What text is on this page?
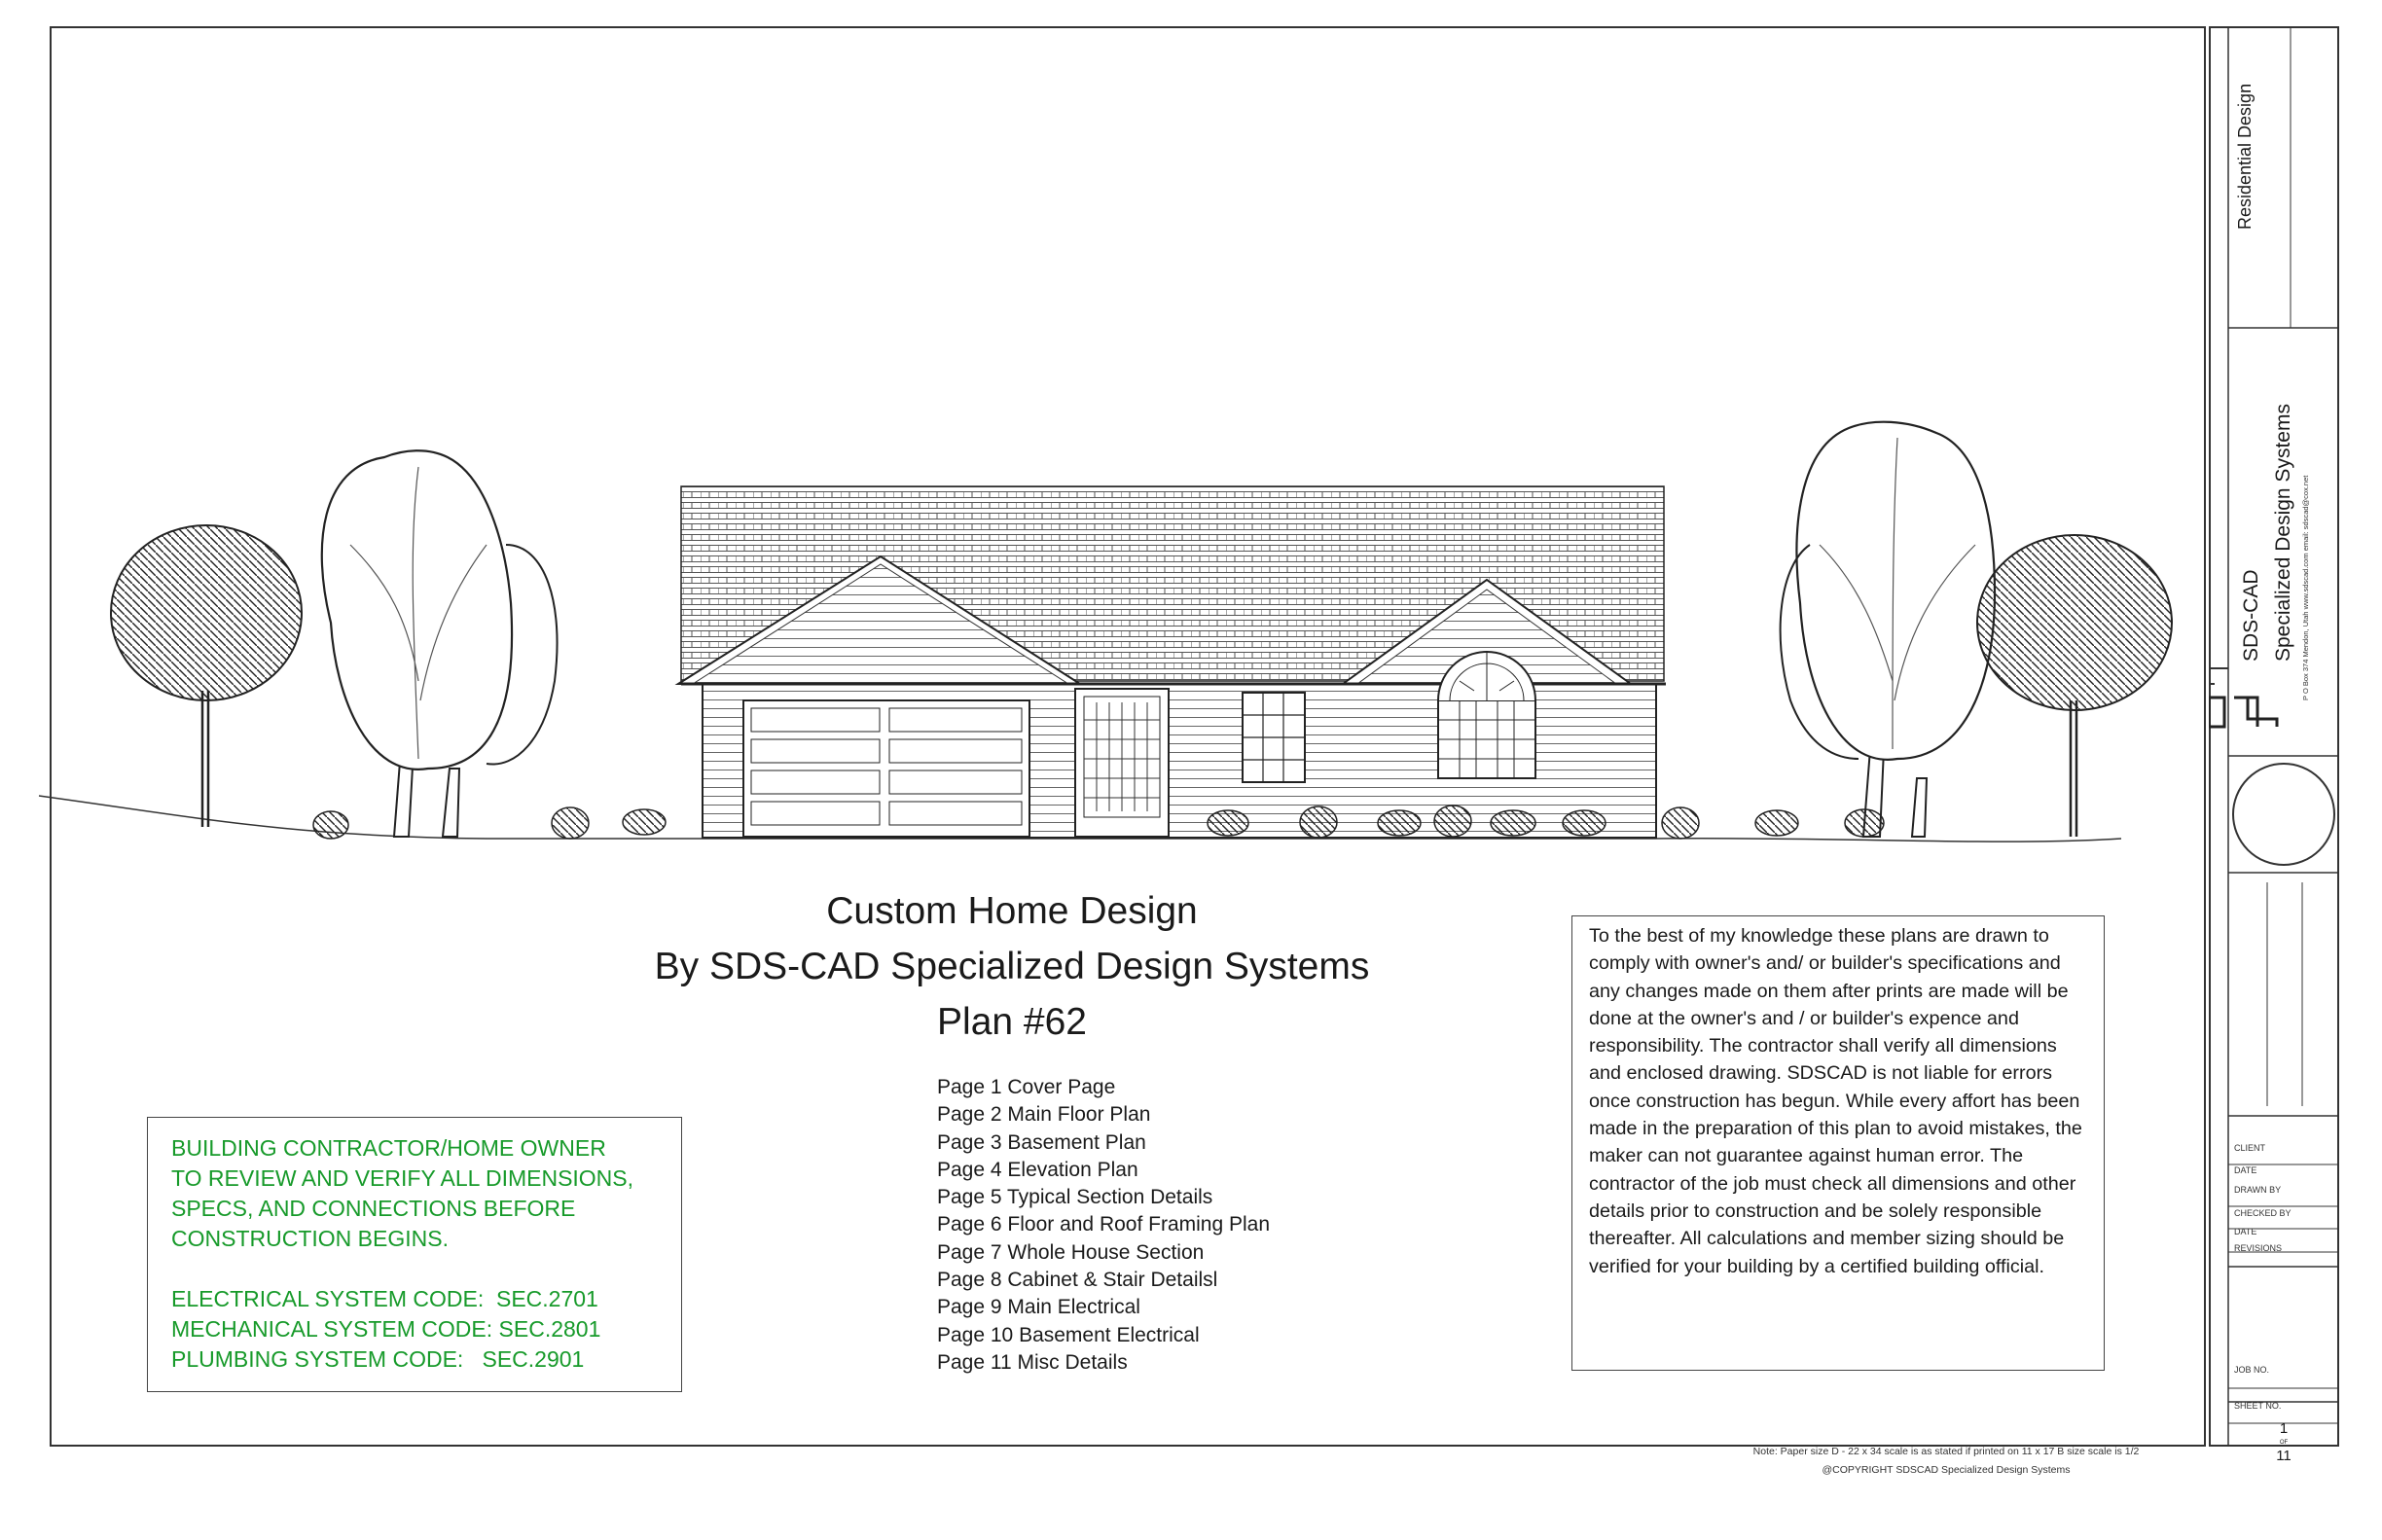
Custom Home Design
By SDS-CAD Specialized Design Systems
Plan #62
Page 1 Cover Page
Page 2 Main Floor Plan
Page 3 Basement Plan
Page 4 Elevation Plan
Page 5 Typical Section Details
Page 6 Floor and Roof Framing Plan
Page 7 Whole House Section
Page 8 Cabinet & Stair Detailsl
Page 9 Main Electrical
Page 10 Basement Electrical
Page 11 Misc Details
BUILDING CONTRACTOR/HOME OWNER
TO REVIEW AND VERIFY ALL DIMENSIONS,
SPECS, AND CONNECTIONS BEFORE
CONSTRUCTION BEGINS.
ELECTRICAL SYSTEM CODE:  SEC.2701
MECHANICAL SYSTEM CODE: SEC.2801
PLUMBING SYSTEM CODE:   SEC.2901
To the best of my knowledge these plans are drawn to comply with owner's and/ or builder's specifications and any changes made on them after prints are made will be done at the owner's and / or builder's expence and responsibility. The contractor shall verify all dimensions and enclosed drawing. SDSCAD is not liable for errors once construction has begun. While every affort has been made in the preparation of this plan to avoid mistakes, the maker can not guarantee against human error. The contractor of the job must check all dimensions and other details prior to construction and be solely responsible thereafter. All calculations and member sizing should be verified for your building by a certified building official.
Note: Paper size D - 22 x 34 scale is as stated if printed on 11 x 17 B size scale is 1/2
@COPYRIGHT SDSCAD Specialized Design Systems
Residential Design
SDS-CAD Specialized Design Systems P O Box 374 Mendon, Utah www.sdscad.com email: sdscad@cox.net
CLIENT
DATE
DRAWN BY
CHECKED BY
DATE
REVISIONS
JOB NO.
SHEET NO.
1
OF
11
